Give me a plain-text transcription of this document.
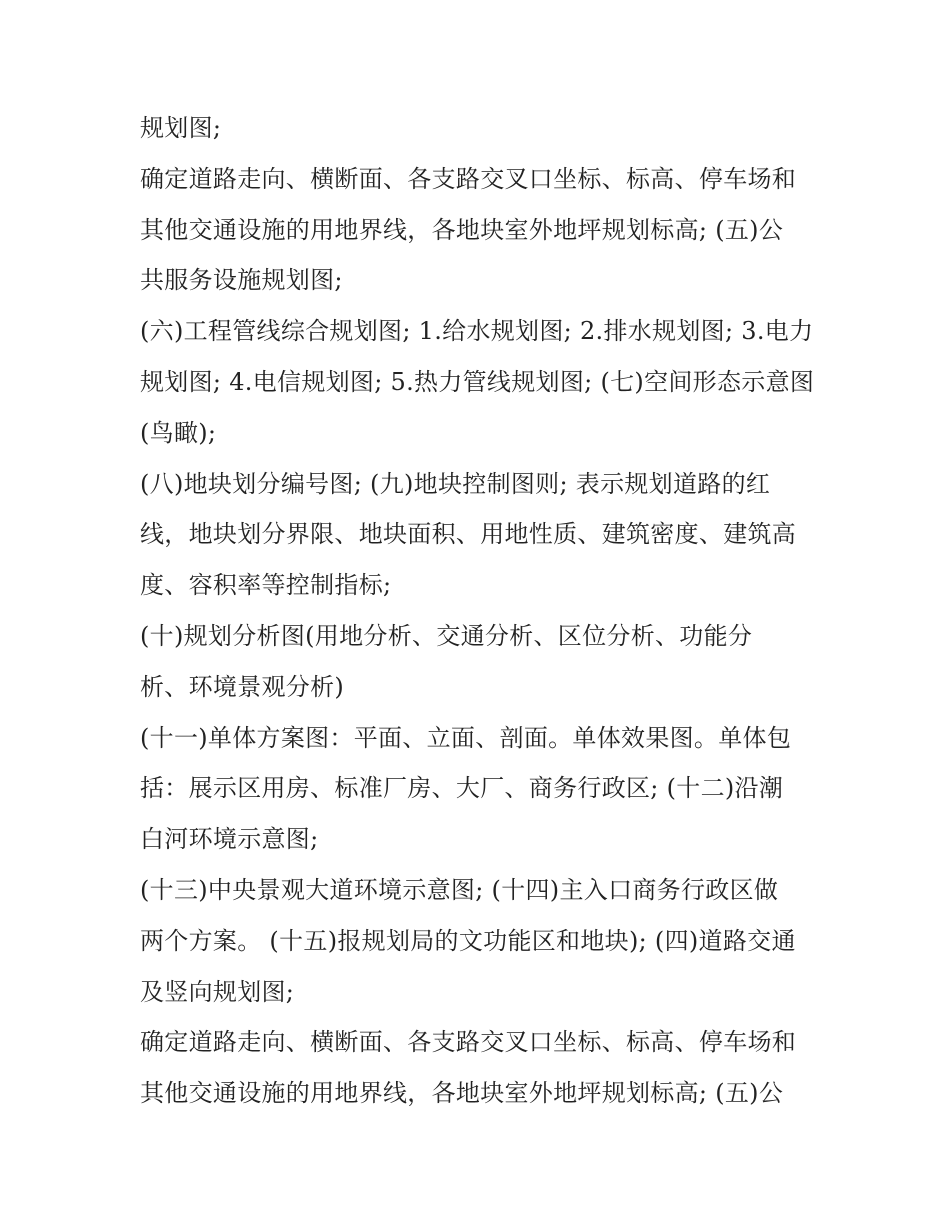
规划图;
确定道路走向、横断面、各支路交叉口坐标、标高、停车场和
其他交通设施的用地界线，各地块室外地坪规划标高; (五)公
共服务设施规划图;
(六)工程管线综合规划图; 1.给水规划图; 2.排水规划图; 3.电力
规划图; 4.电信规划图; 5.热力管线规划图; (七)空间形态示意图
(鸟瞰);
(八)地块划分编号图; (九)地块控制图则; 表示规划道路的红
线，地块划分界限、地块面积、用地性质、建筑密度、建筑高
度、容积率等控制指标;
(十)规划分析图(用地分析、交通分析、区位分析、功能分
析、环境景观分析)
(十一)单体方案图：平面、立面、剖面。单体效果图。单体包
括：展示区用房、标准厂房、大厂、商务行政区; (十二)沿潮
白河环境示意图;
(十三)中央景观大道环境示意图; (十四)主入口商务行政区做
两个方案。 (十五)报规划局的文功能区和地块); (四)道路交通
及竖向规划图;
确定道路走向、横断面、各支路交叉口坐标、标高、停车场和
其他交通设施的用地界线，各地块室外地坪规划标高; (五)公
